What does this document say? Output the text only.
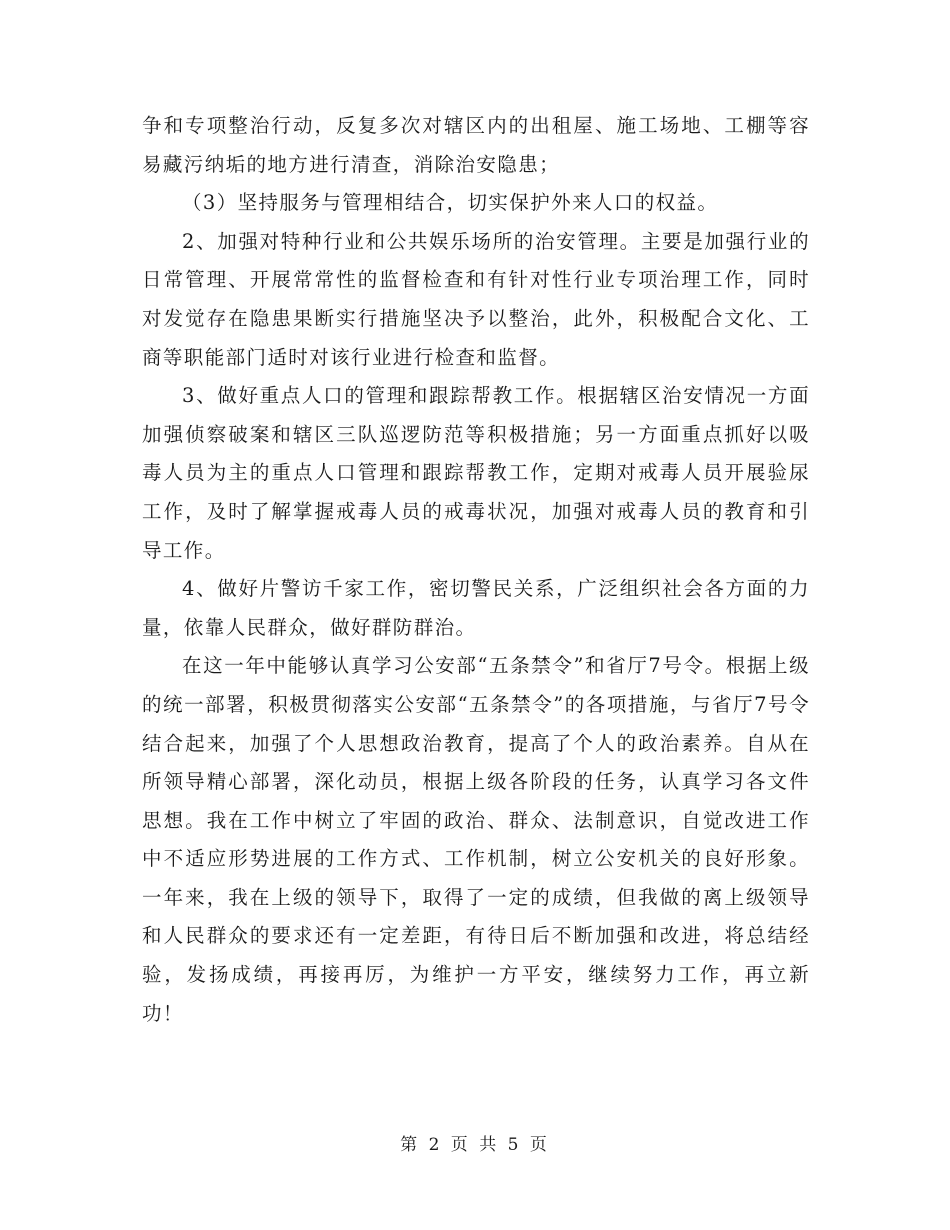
争和专项整治行动，反复多次对辖区内的出租屋、施工场地、工棚等容易藏污纳垢的地方进行清查，消除治安隐患；

（3）坚持服务与管理相结合，切实保护外来人口的权益。

2、加强对特种行业和公共娱乐场所的治安管理。主要是加强行业的日常管理、开展常常性的监督检查和有针对性行业专项治理工作，同时对发觉存在隐患果断实行措施坚决予以整治，此外，积极配合文化、工商等职能部门适时对该行业进行检查和监督。

3、做好重点人口的管理和跟踪帮教工作。根据辖区治安情况一方面加强侦察破案和辖区三队巡逻防范等积极措施；另一方面重点抓好以吸毒人员为主的重点人口管理和跟踪帮教工作，定期对戒毒人员开展验尿工作，及时了解掌握戒毒人员的戒毒状况，加强对戒毒人员的教育和引导工作。

4、做好片警访千家工作，密切警民关系，广泛组织社会各方面的力量，依靠人民群众，做好群防群治。

在这一年中能够认真学习公安部“五条禁令”和省厅7号令。根据上级的统一部署，积极贯彻落实公安部“五条禁令”的各项措施，与省厅7号令结合起来，加强了个人思想政治教育，提高了个人的政治素养。自从在所领导精心部署，深化动员，根据上级各阶段的任务，认真学习各文件思想。我在工作中树立了牢固的政治、群众、法制意识，自觉改进工作中不适应形势进展的工作方式、工作机制，树立公安机关的良好形象。一年来，我在上级的领导下，取得了一定的成绩，但我做的离上级领导和人民群众的要求还有一定差距，有待日后不断加强和改进，将总结经验，发扬成绩，再接再厉，为维护一方平安，继续努力工作，再立新功！

第 2 页 共 5 页
